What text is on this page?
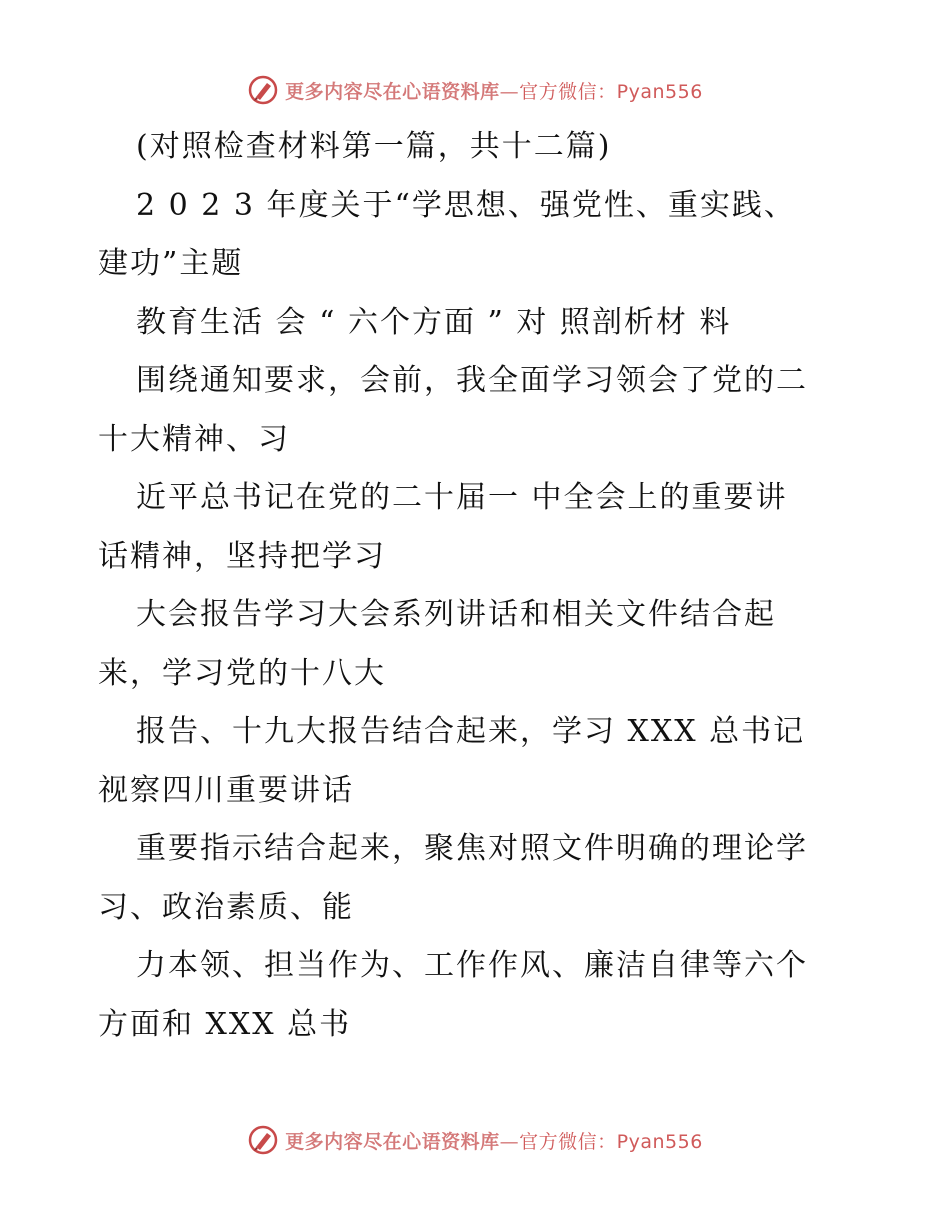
更多内容尽在心语资料库—官方微信：Pyan556
(对照检查材料第一篇，共十二篇)
2 0 2 3 年度关于“学思想、强党性、重实践、
建功”主题
教育生活 会 “ 六个方面 ” 对 照剖析材 料
围绕通知要求，会前，我全面学习领会了党的二
十大精神、习
近平总书记在党的二十届一 中全会上的重要讲
话精神，坚持把学习
大会报告学习大会系列讲话和相关文件结合起
来，学习党的十八大
报告、十九大报告结合起来，学习 XXX 总书记
视察四川重要讲话
重要指示结合起来，聚焦对照文件明确的理论学
习、政治素质、能
力本领、担当作为、工作作风、廉洁自律等六个
方面和 XXX 总书
更多内容尽在心语资料库—官方微信：Pyan556
